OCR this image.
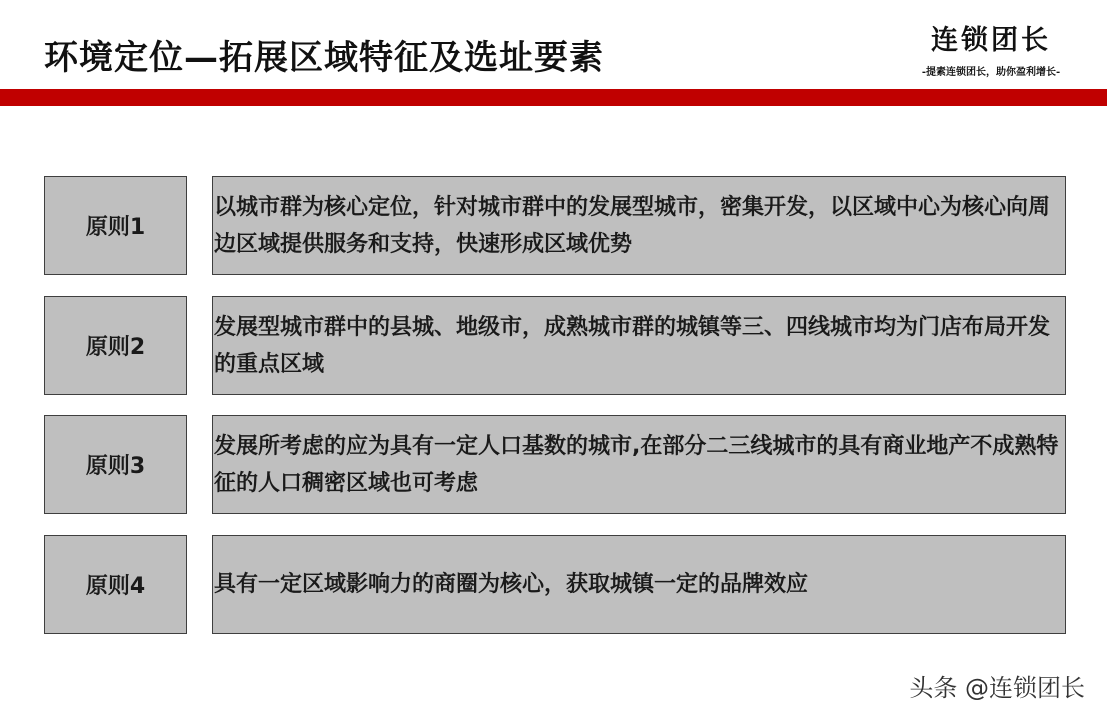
环境定位—拓展区域特征及选址要素	连锁团长
-提素连锁团长，助你盈利增长-
原则1
以城市群为核心定位，针对城市群中的发展型城市，密集开发，以区域中心为核心向周边区域提供服务和支持，快速形成区域优势
原则2
发展型城市群中的县城、地级市，成熟城市群的城镇等三、四线城市均为门店布局开发的重点区域
原则3
发展所考虑的应为具有一定人口基数的城市,在部分二三线城市的具有商业地产不成熟特征的人口稠密区域也可考虑
原则4	具有一定区域影响力的商圈为核心，获取城镇一定的品牌效应
头条 @连锁团长
